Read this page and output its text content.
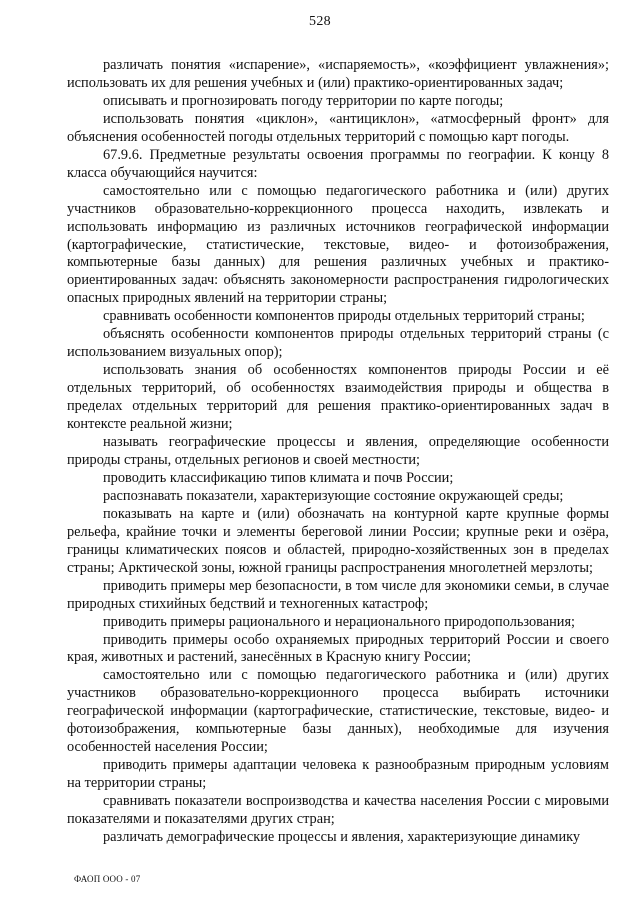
528

различать понятия «испарение», «испаряемость», «коэффициент увлажнения»; использовать их для решения учебных и (или) практико-ориентированных задач;

описывать и прогнозировать погоду территории по карте погоды;

использовать понятия «циклон», «антициклон», «атмосферный фронт» для объяснения особенностей погоды отдельных территорий с помощью карт погоды.

67.9.6. Предметные результаты освоения программы по географии. К концу 8 класса обучающийся научится:

самостоятельно или с помощью педагогического работника и (или) других участников образовательно-коррекционного процесса находить, извлекать и использовать информацию из различных источников географической информации (картографические, статистические, текстовые, видео- и фотоизображения, компьютерные базы данных) для решения различных учебных и практико-ориентированных задач: объяснять закономерности распространения гидрологических опасных природных явлений на территории страны;

сравнивать особенности компонентов природы отдельных территорий страны;

объяснять особенности компонентов природы отдельных территорий страны (с использованием визуальных опор);

использовать знания об особенностях компонентов природы России и её отдельных территорий, об особенностях взаимодействия природы и общества в пределах отдельных территорий для решения практико-ориентированных задач в контексте реальной жизни;

называть географические процессы и явления, определяющие особенности природы страны, отдельных регионов и своей местности;

проводить классификацию типов климата и почв России;

распознавать показатели, характеризующие состояние окружающей среды;

показывать на карте и (или) обозначать на контурной карте крупные формы рельефа, крайние точки и элементы береговой линии России; крупные реки и озёра, границы климатических поясов и областей, природно-хозяйственных зон в пределах страны; Арктической зоны, южной границы распространения многолетней мерзлоты;

приводить примеры мер безопасности, в том числе для экономики семьи, в случае природных стихийных бедствий и техногенных катастроф;

приводить примеры рационального и нерационального природопользования;

приводить примеры особо охраняемых природных территорий России и своего края, животных и растений, занесённых в Красную книгу России;

самостоятельно или с помощью педагогического работника и (или) других участников образовательно-коррекционного процесса выбирать источники географической информации (картографические, статистические, текстовые, видео- и фотоизображения, компьютерные базы данных), необходимые для изучения особенностей населения России;

приводить примеры адаптации человека к разнообразным природным условиям на территории страны;

сравнивать показатели воспроизводства и качества населения России с мировыми показателями и показателями других стран;

различать демографические процессы и явления, характеризующие динамику

ФАОП ООО - 07
